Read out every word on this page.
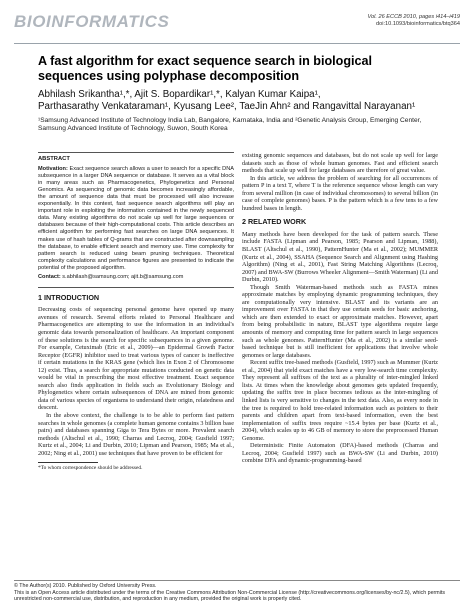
BIOINFORMATICS	Vol. 26 ECCB 2010, pages i414–i419
doi:10.1093/bioinformatics/btq364
A fast algorithm for exact sequence search in biological sequences using polyphase decomposition
Abhilash Srikantha¹,*, Ajit S. Bopardikar¹,*, Kalyan Kumar Kaipa¹,
Parthasarathy Venkataraman¹, Kyusang Lee², TaeJin Ahn² and Rangavittal Narayanan¹
¹Samsung Advanced Institute of Technology India Lab, Bangalore, Karnataka, India and ²Genetic Analysis Group, Emerging Center, Samsung Advanced Institute of Technology, Suwon, South Korea
ABSTRACT

Motivation: Exact sequence search allows a user to search for a specific DNA subsequence in a larger DNA sequence or database. It serves as a vital block in many areas such as Pharmacogenetics, Phylogenetics and Personal Genomics. As sequencing of genomic data becomes increasingly affordable, the amount of sequence data that must be processed will also increase exponentially. In this context, fast sequence search algorithms will play an important role in exploiting the information contained in the newly sequenced data. Many existing algorithms do not scale up well for large sequences or databases because of their high-computational costs. This article describes an efficient algorithm for performing fast searches on large DNA sequences. It makes use of hash tables of Q-grams that are constructed after downsampling the database, to enable efficient search and memory use. Time complexity for pattern search is reduced using beam pruning techniques. Theoretical complexity calculations and performance figures are presented to indicate the potential of the proposed algorithm.

Contact: s.abhilash@samsung.com; ajit.b@samsung.com

1 INTRODUCTION

Decreasing costs of sequencing personal genome have opened up many avenues of research. Several efforts related to Personal Healthcare and Pharmacogenetics are attempting to use the information in an individual's genomic data towards personalization of healthcare. An important component of these solutions is the search for specific subsequences in a given genome. For example, Cetuximab (Eric et al., 2009)—an Epidermal Growth Factor Receptor (EGFR) inhibitor used to treat various types of cancer is ineffective if certain mutations in the KRAS gene (which lies in Exon 2 of Chromosome 12) exist. Thus, a search for appropriate mutations conducted on genetic data would be vital in prescribing the most effective treatment. Exact sequence search also finds application in fields such as Evolutionary Biology and Phylogenetics where certain subsequences of DNA are mined from genomic data of various species of organisms to understand their origin, relatedness and descent.

In the above context, the challenge is to be able to perform fast pattern searches in whole genomes (a complete human genome contains 3 billion base pairs) and databases spanning Giga to Tera Bytes or more. Prevalent search methods (Altschul et al., 1990; Charras and Lecroq, 2004; Gusfield 1997; Kurtz et al., 2004; Li and Durbin, 2010; Lipman and Pearson, 1985; Ma et al., 2002; Ning et al., 2001) use techniques that have proven to be efficient for

*To whom correspondence should be addressed.

existing genomic sequences and databases, but do not scale up well for large datasets such as those of whole human genomes. Fast and efficient search methods that scale up well for large databases are therefore of great value.

In this article, we address the problem of searching for all occurrences of pattern P in a text T, where T is the reference sequence whose length can vary from several million (in case of individual chromosomes) to several billion (in case of complete genomes) bases. P is the pattern which is a few tens to a few hundred bases in length.

2 RELATED WORK

Many methods have been developed for the task of pattern search. These include FASTA (Lipman and Pearson, 1985; Pearson and Lipman, 1988), BLAST (Altschul et al., 1990), PatternHunter (Ma et al., 2002); MUMMER (Kurtz et al., 2004), SSAHA (Sequence Search and Alignment using Hashing Algorithm) (Ning et al., 2001), Fast String Matching Algorithms (Lecroq, 2007) and BWA-SW (Burrows Wheeler Alignment—Smith Waterman) (Li and Durbin, 2010).

Though Smith Waterman-based methods such as FASTA mines approximate matches by employing dynamic programming techniques, they are computationally very intensive. BLAST and its variants are an improvement over FASTA in that they use certain seeds for basic anchoring, which are then extended to exact or approximate matches. However, apart from being probabilistic in nature, BLAST type algorithms require large amounts of memory and computing time for pattern search in large sequences such as whole genomes. PatternHunter (Ma et al., 2002) is a similar seed-based technique but is still inefficient for applications that involve whole genomes or large databases.

Recent suffix tree-based methods (Gusfield, 1997) such as Mummer (Kurtz et al., 2004) that yield exact matches have a very low-search time complexity. They represent all suffixes of the text as a plurality of inter-mingled linked lists. At times when the knowledge about genomes gets updated frequently, updating the suffix tree in place becomes tedious as the inter-mingling of linked lists is very sensitive to changes in the text data. Also, as every node in the tree is required to hold tree-related information such as pointers to their parents and children apart from text-based information, even the best implementation of suffix trees require ~15.4 bytes per base (Kurtz et al., 2004), which scales up to 46 GB of memory to store the preprocessed Human Genome.

Deterministic Finite Automaton (DFA)-based methods (Charras and Lecroq, 2004; Gusfield 1997) such as BWA-SW (Li and Durbin, 2010) combine DFA and dynamic-programming-based

© The Author(s) 2010. Published by Oxford University Press.
This is an Open Access article distributed under the terms of the Creative Commons Attribution Non-Commercial License (http://creativecommons.org/licenses/by-nc/2.5), which permits unrestricted non-commercial use, distribution, and reproduction in any medium, provided the original work is properly cited.
